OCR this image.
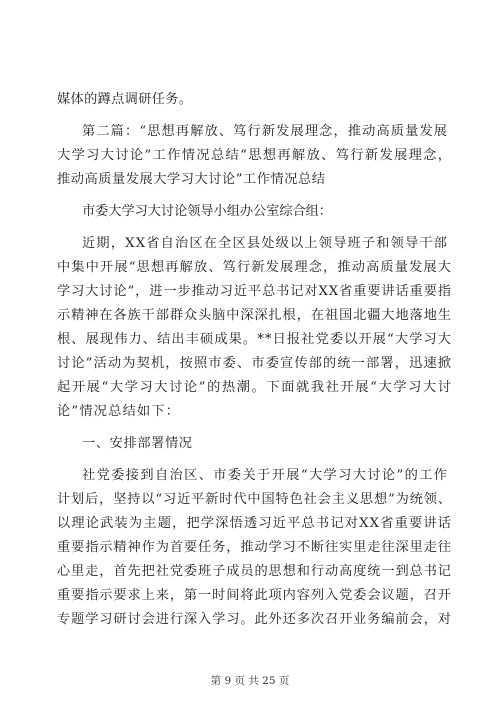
媒体的蹲点调研任务。
第二篇：“思想再解放、笃行新发展理念，推动高质量发展
大学习大讨论”工作情况总结“思想再解放、笃行新发展理念，
推动高质量发展大学习大讨论”工作情况总结
市委大学习大讨论领导小组办公室综合组：
近期，XX省自治区在全区县处级以上领导班子和领导干部
中集中开展“思想再解放、笃行新发展理念，推动高质量发展大
学习大讨论”，进一步推动习近平总书记对XX省重要讲话重要指
示精神在各族干部群众头脑中深深扎根，在祖国北疆大地落地生
根、展现伟力、结出丰硕成果。**日报社党委以开展“大学习大
讨论”活动为契机，按照市委、市委宣传部的统一部署，迅速掀
起开展“大学习大讨论”的热潮。下面就我社开展“大学习大讨
论”情况总结如下：
一、安排部署情况
社党委接到自治区、市委关于开展“大学习大讨论”的工作
计划后，坚持以“习近平新时代中国特色社会主义思想”为统领、
以理论武装为主题，把学深悟透习近平总书记对XX省重要讲话
重要指示精神作为首要任务，推动学习不断往实里走往深里走往
心里走，首先把社党委班子成员的思想和行动高度统一到总书记
重要指示要求上来，第一时间将此项内容列入党委会议题，召开
专题学习研讨会进行深入学习。此外还多次召开业务编前会，对
第 9 页 共 25 页
